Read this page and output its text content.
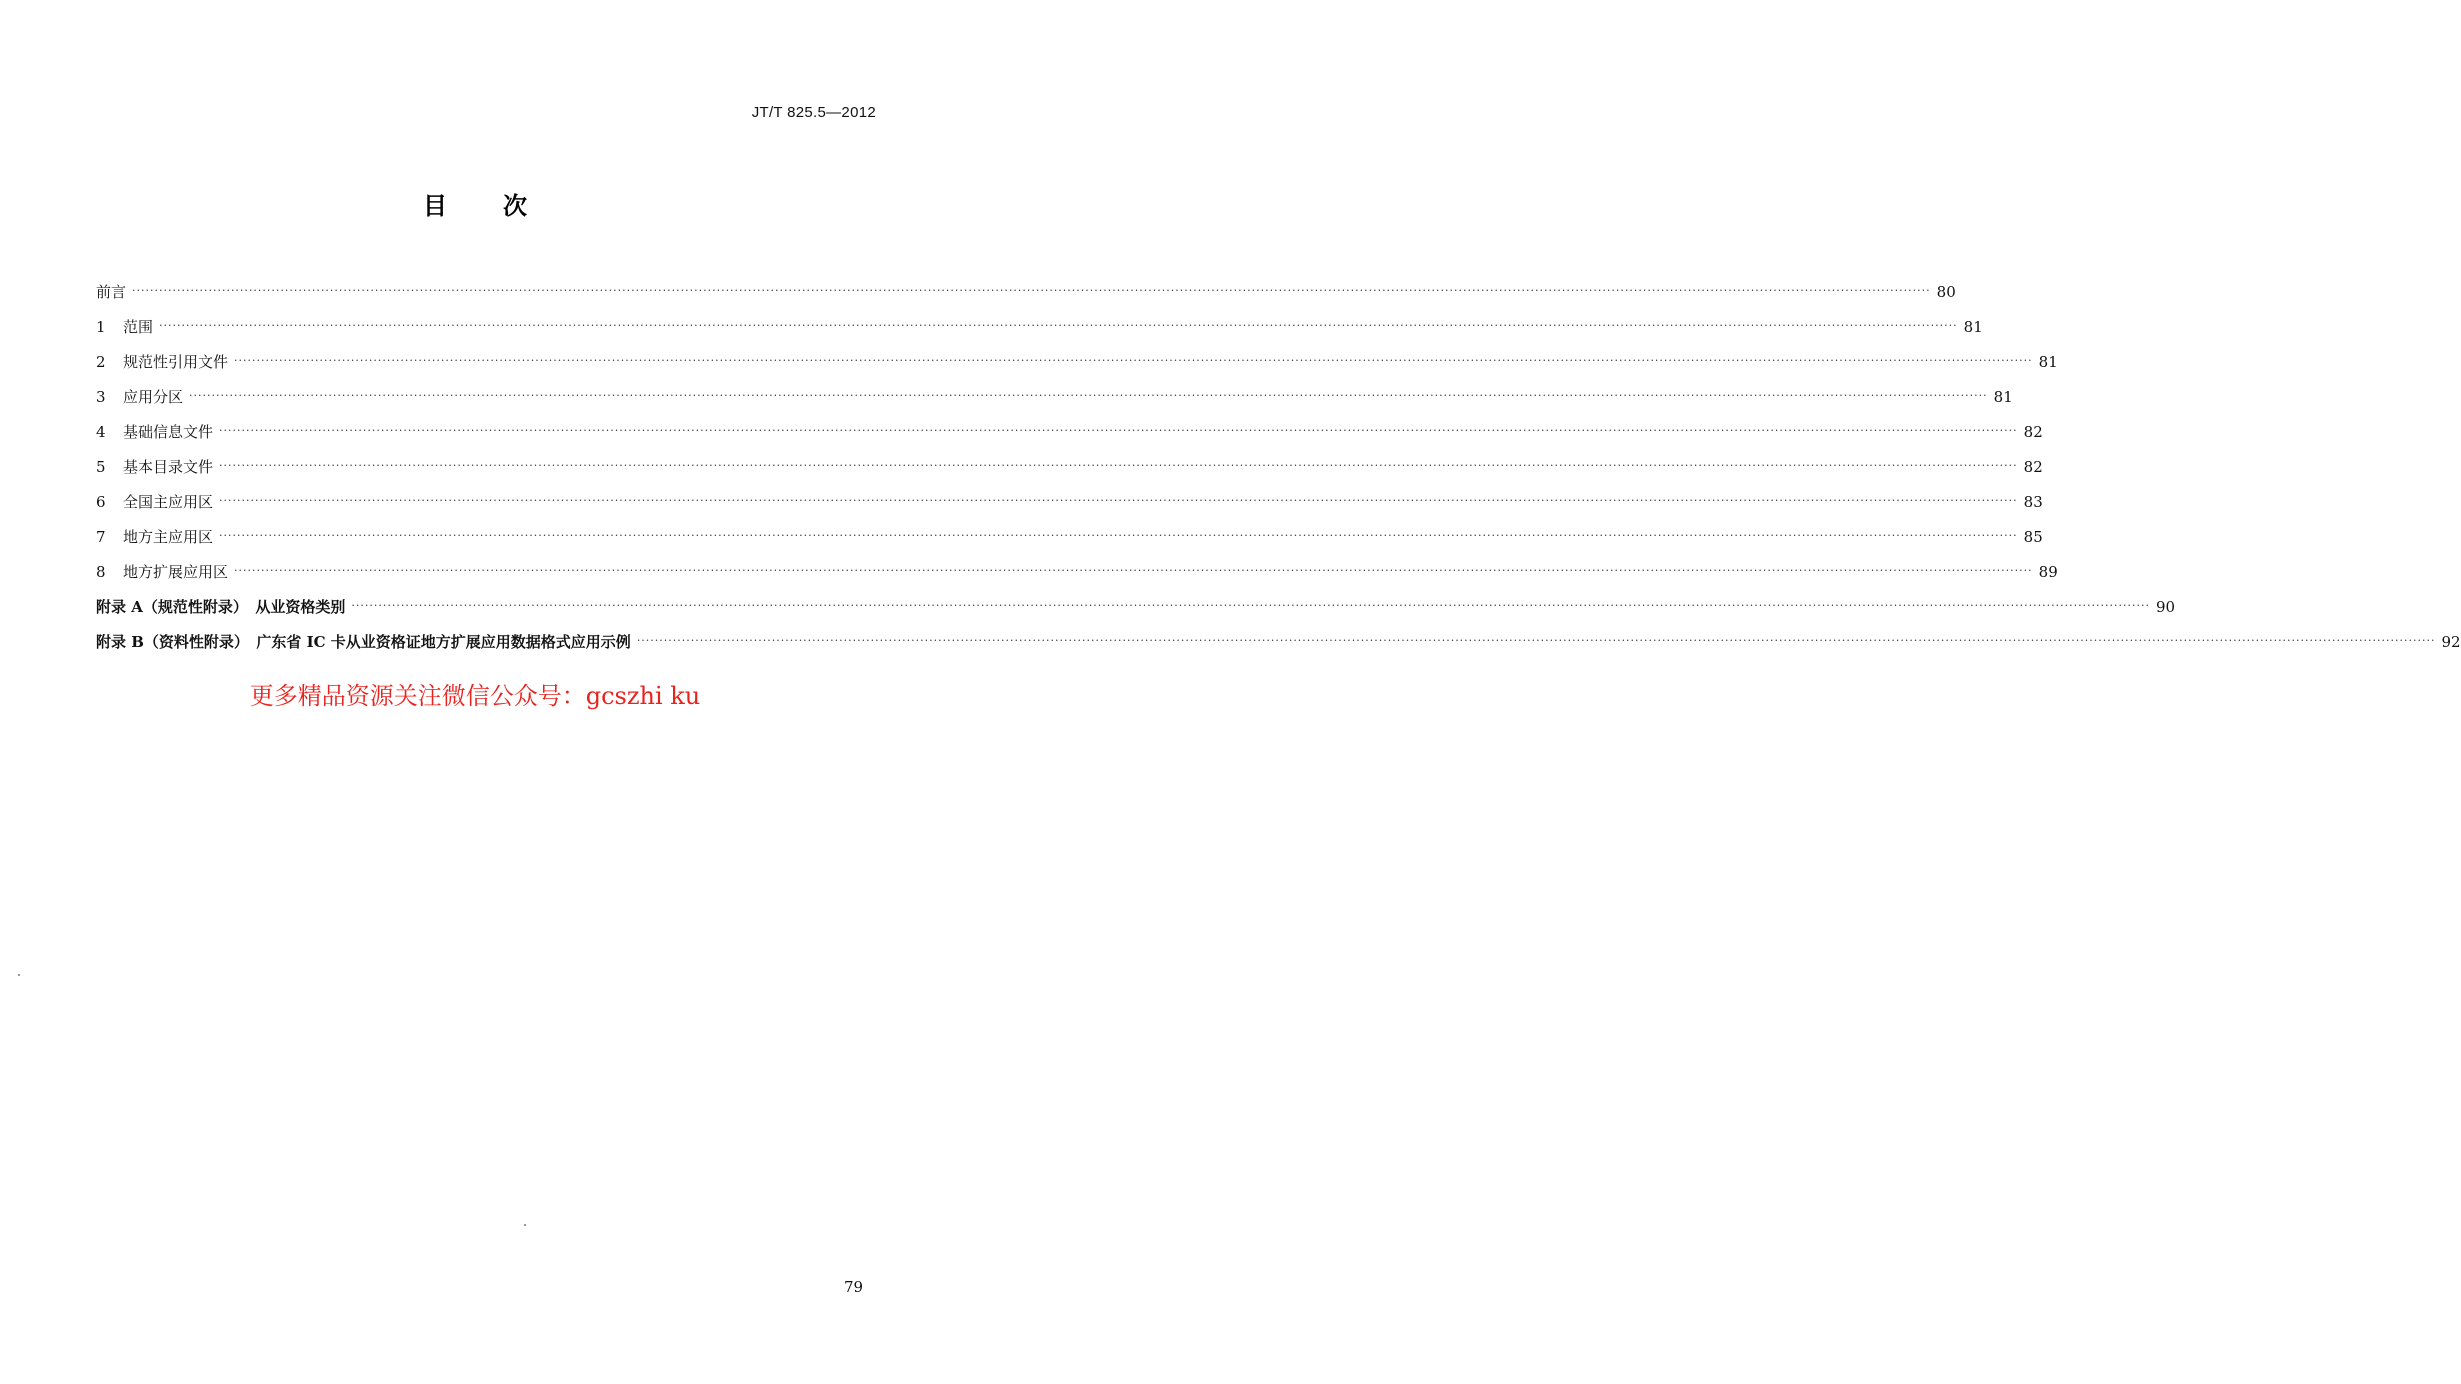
JT/T 825.5—2012
目次
前言 ················································································································································································································································································································································································································ 80
1	范围 ················································································································································································································································································································································································································ 81
2	规范性引用文件 ················································································································································································································································································································································································································ 81
3	应用分区 ················································································································································································································································································································································································································ 81
4	基础信息文件 ················································································································································································································································································································································································································ 82
5	基本目录文件 ················································································································································································································································································································································································································ 82
6	全国主应用区 ················································································································································································································································································································································································································ 83
7	地方主应用区 ················································································································································································································································································································································································································ 85
8	地方扩展应用区 ················································································································································································································································································································································································································ 89
附录 A（规范性附录）　从业资格类别 ················································································································································································································································································································································································································ 90
附录 B（资料性附录）　广东省 IC 卡从业资格证地方扩展应用数据格式应用示例 ················································································································································································································································································································································································································ 92
更多精品资源关注微信公众号：gcszhi ku
79
